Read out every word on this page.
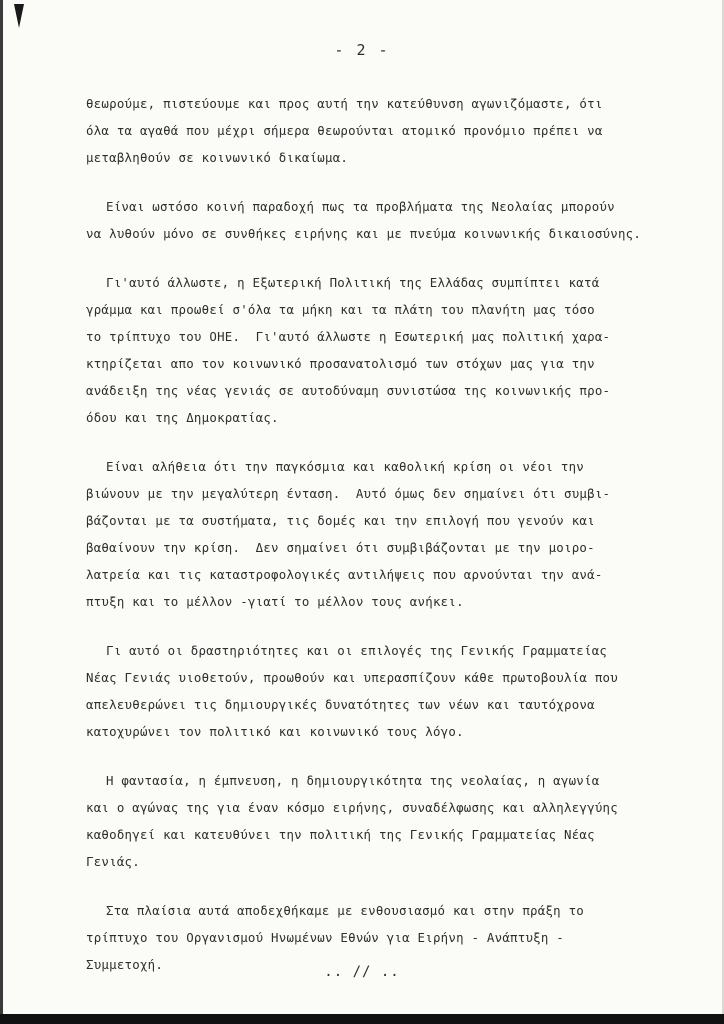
- 2 -
θεωρούμε, πιστεύουμε και προς αυτή την κατεύθυνση αγωνιζόμαστε, ότι
όλα τα αγαθά που μέχρι σήμερα θεωρούνται ατομικό προνόμιο πρέπει να
μεταβληθούν σε κοινωνικό δικαίωμα.
Είναι ωστόσο κοινή παραδοχή πως τα προβλήματα της Νεολαίας μπορούν
να λυθούν μόνο σε συνθήκες ειρήνης και με πνεύμα κοινωνικής δικαιοσύνης.
Γι'αυτό άλλωστε, η Εξωτερική Πολιτική της Ελλάδας συμπίπτει κατά
γράμμα και προωθεί σ'όλα τα μήκη και τα πλάτη του πλανήτη μας τόσο
το τρίπτυχο του ΟΗΕ.  Γι'αυτό άλλωστε η Εσωτερική μας πολιτική χαρα-
κτηρίζεται απο τον κοινωνικό προσανατολισμό των στόχων μας για την
ανάδειξη της νέας γενιάς σε αυτοδύναμη συνιστώσα της κοινωνικής προ-
όδου και της Δημοκρατίας.
Είναι αλήθεια ότι την παγκόσμια και καθολική κρίση οι νέοι την
βιώνουν με την μεγαλύτερη ένταση.  Αυτό όμως δεν σημαίνει ότι συμβι-
βάζονται με τα συστήματα, τις δομές και την επιλογή που γενούν και
βαθαίνουν την κρίση.  Δεν σημαίνει ότι συμβιβάζονται με την μοιρο-
λατρεία και τις καταστροφολογικές αντιλήψεις που αρνούνται την ανά-
πτυξη και το μέλλον -γιατί το μέλλον τους ανήκει.
Γι αυτό οι δραστηριότητες και οι επιλογές της Γενικής Γραμματείας
Νέας Γενιάς υιοθετούν, προωθούν και υπερασπίζουν κάθε πρωτοβουλία που
απελευθερώνει τις δημιουργικές δυνατότητες των νέων και ταυτόχρονα
κατοχυρώνει τον πολιτικό και κοινωνικό τους λόγο.
Η φαντασία, η έμπνευση, η δημιουργικότητα της νεολαίας, η αγωνία
και ο αγώνας της για έναν κόσμο ειρήνης, συναδέλφωσης και αλληλεγγύης
καθοδηγεί και κατευθύνει την πολιτική της Γενικής Γραμματείας Νέας
Γενιάς.
Στα πλαίσια αυτά αποδεχθήκαμε με ενθουσιασμό και στην πράξη το
τρίπτυχο του Οργανισμού Ηνωμένων Εθνών για Ειρήνη - Ανάπτυξη -
Συμμετοχή.	.. // ..
